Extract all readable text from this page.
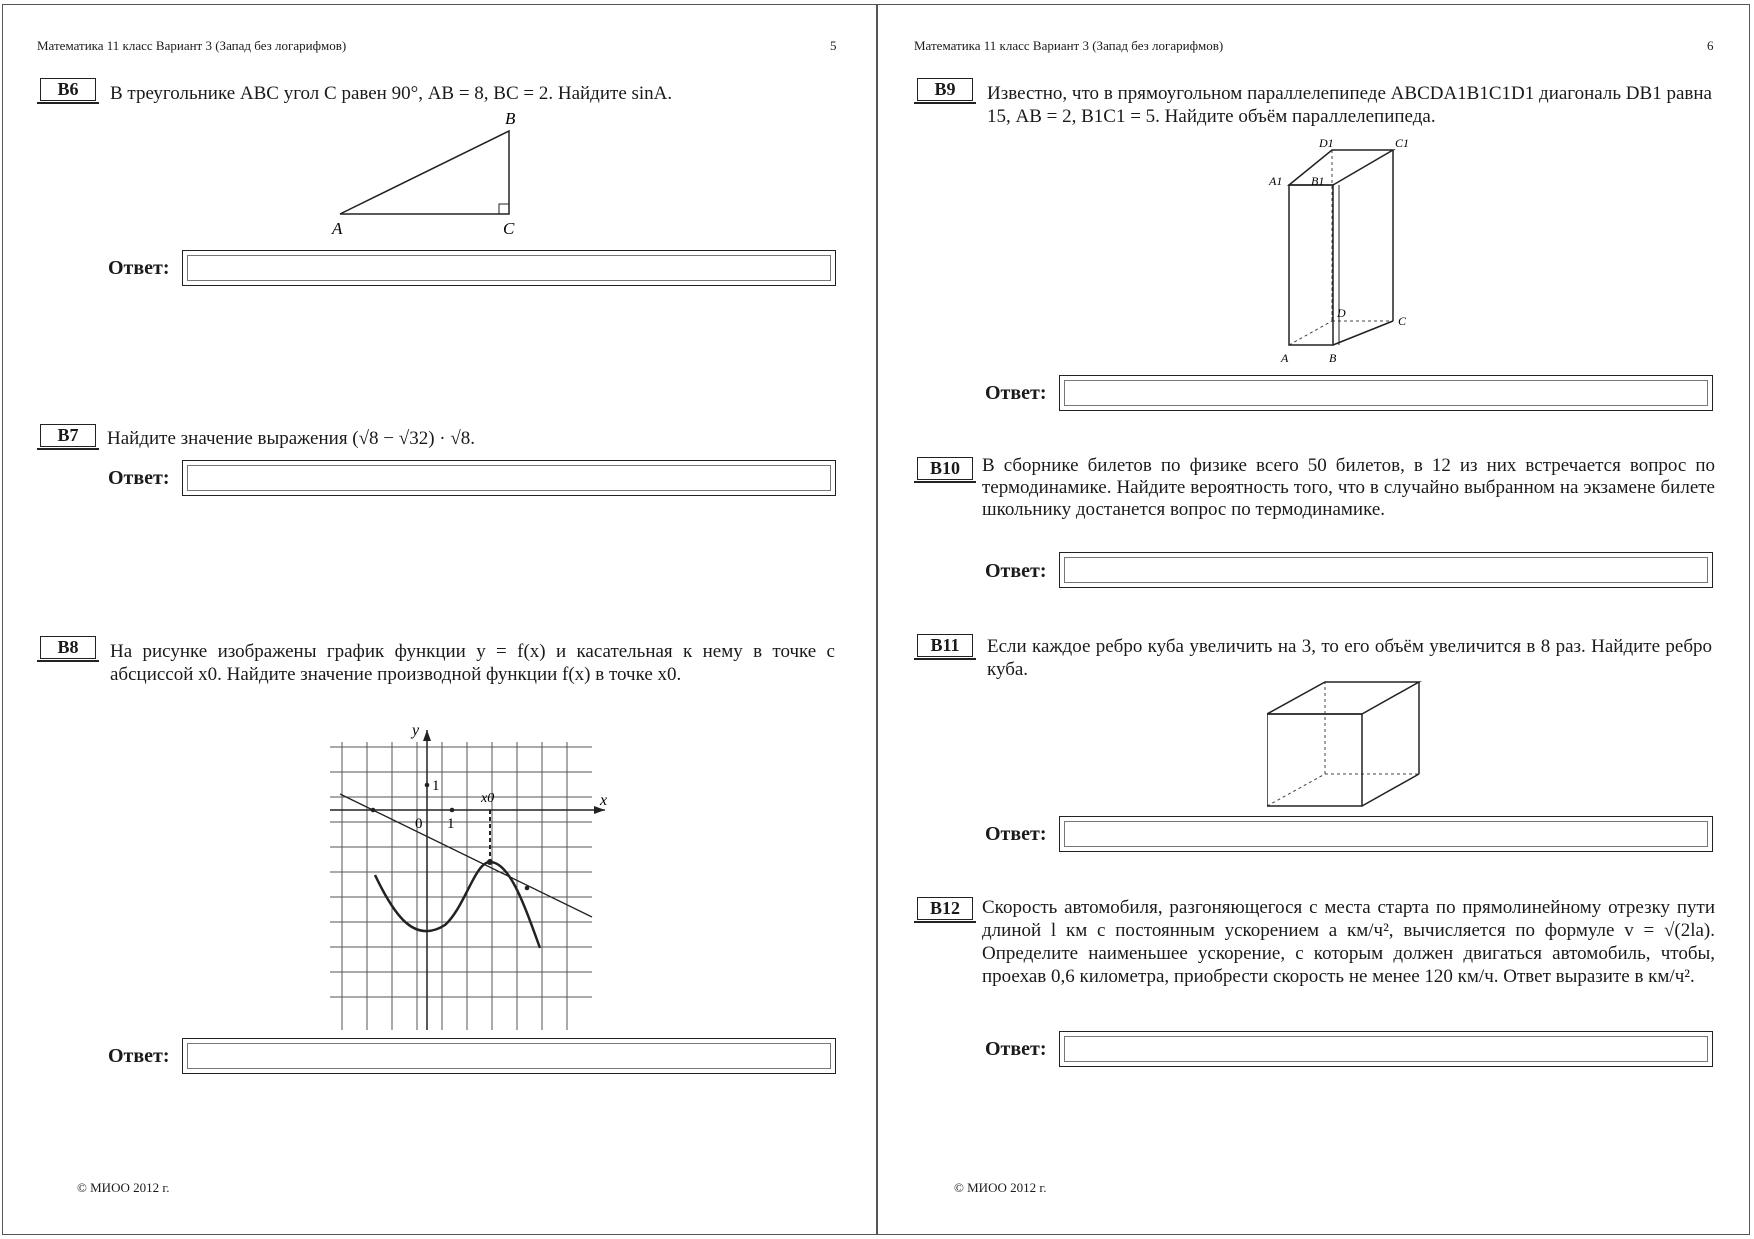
Математика 11 класс Вариант 3 (Запад без логарифмов)	5
B6	В треугольнике ABC угол C равен 90°, AB = 8, BC = 2. Найдите sinA.
A
B
C
Ответ:
B7	Найдите значение выражения (√8 − √32) · √8.
Ответ:
B8	На рисунке изображены график функции y = f(x) и касательная к нему в точке с абсциссой x0. Найдите значение производной функции f(x) в точке x0.
y
x
0 1
1
x0
Ответ:
© МИОО 2012 г.
Математика 11 класс Вариант 3 (Запад без логарифмов)	6
B9	Известно, что в прямоугольном параллелепипеде ABCDA1B1C1D1 диагональ DB1 равна 15, AB = 2, B1C1 = 5. Найдите объём параллелепипеда.
A	B
C
D
A1 B1
C1
D1
Ответ:
B10	В сборнике билетов по физике всего 50 билетов, в 12 из них встречается вопрос по термодинамике. Найдите вероятность того, что в случайно выбранном на экзамене билете школьнику достанется вопрос по термодинамике.
Ответ:
B11	Если каждое ребро куба увеличить на 3, то его объём увеличится в 8 раз. Найдите ребро куба.
Ответ:
B12	Скорость автомобиля, разгоняющегося с места старта по прямолинейному отрезку пути длиной l км с постоянным ускорением a км/ч², вычисляется по формуле v = √(2la). Определите наименьшее ускорение, с которым должен двигаться автомобиль, чтобы, проехав 0,6 километра, приобрести скорость не менее 120 км/ч. Ответ выразите в км/ч².
Ответ:
© МИОО 2012 г.
